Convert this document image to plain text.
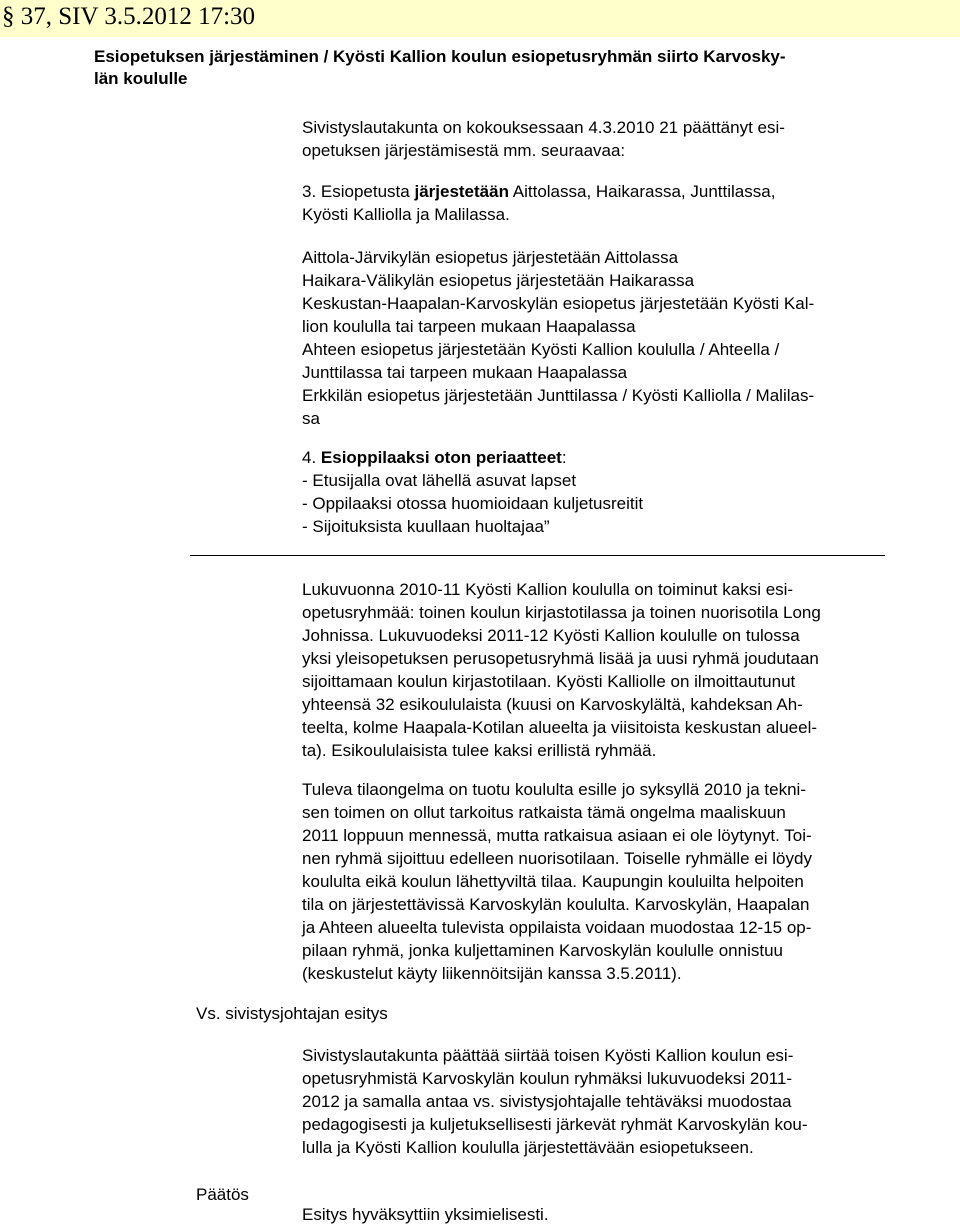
§ 37, SIV 3.5.2012 17:30
Esiopetuksen järjestäminen / Kyösti Kallion koulun esiopetusryhmän siirto Karvosky-
län koululle
Sivistyslautakunta on kokouksessaan 4.3.2010 21 päättänyt esi-
opetuksen järjestämisestä mm. seuraavaa:
3. Esiopetusta järjestetään Aittolassa, Haikarassa, Junttilassa,
Kyösti Kalliolla ja Malilassa.
Aittola-Järvikylän esiopetus järjestetään Aittolassa
Haikara-Välikylän esiopetus järjestetään Haikarassa
Keskustan-Haapalan-Karvoskylän esiopetus järjestetään Kyösti Kal-
lion koululla tai tarpeen mukaan Haapalassa
Ahteen esiopetus järjestetään Kyösti Kallion koululla / Ahteella /
Junttilassa tai tarpeen mukaan Haapalassa
Erkkilän esiopetus järjestetään Junttilassa / Kyösti Kalliolla / Malilas-
sa
4. Esioppilaaksi oton periaatteet:
- Etusijalla ovat lähellä asuvat lapset
- Oppilaaksi otossa huomioidaan kuljetusreitit
- Sijoituksista kuullaan huoltajaa”
Lukuvuonna 2010-11 Kyösti Kallion koululla on toiminut kaksi esi-
opetusryhmää: toinen koulun kirjastotilassa ja toinen nuorisotila Long
Johnissa. Lukuvuodeksi 2011-12 Kyösti Kallion koululle on tulossa
yksi yleisopetuksen perusopetusryhmä lisää ja uusi ryhmä joudutaan
sijoittamaan koulun kirjastotilaan. Kyösti Kalliolle on ilmoittautunut
yhteensä 32 esikoululaista (kuusi on Karvoskylältä, kahdeksan Ah-
teelta, kolme Haapala-Kotilan alueelta ja viisitoista keskustan alueel-
ta). Esikoululaisista tulee kaksi erillistä ryhmää.
Tuleva tilaongelma on tuotu koululta esille jo syksyllä 2010 ja tekni-
sen toimen on ollut tarkoitus ratkaista tämä ongelma maaliskuun
2011 loppuun mennessä, mutta ratkaisua asiaan ei ole löytynyt. Toi-
nen ryhmä sijoittuu edelleen nuorisotilaan. Toiselle ryhmälle ei löydy
koululta eikä koulun lähettyviltä tilaa. Kaupungin kouluilta helpoiten
tila on järjestettävissä Karvoskylän koululta. Karvoskylän, Haapalan
ja Ahteen alueelta tulevista oppilaista voidaan muodostaa 12-15 op-
pilaan ryhmä, jonka kuljettaminen Karvoskylän koululle onnistuu
(keskustelut käyty liikennöitsijän kanssa 3.5.2011).
Vs. sivistysjohtajan esitys
Sivistyslautakunta päättää siirtää toisen Kyösti Kallion koulun esi-
opetusryhmistä Karvoskylän koulun ryhmäksi lukuvuodeksi 2011-
2012 ja samalla antaa vs. sivistysjohtajalle tehtäväksi muodostaa
pedagogisesti ja kuljetuksellisesti järkevät ryhmät Karvoskylän kou-
lulla ja Kyösti Kallion koululla järjestettävään esiopetukseen.
Päätös
Esitys hyväksyttiin yksimielisesti.
